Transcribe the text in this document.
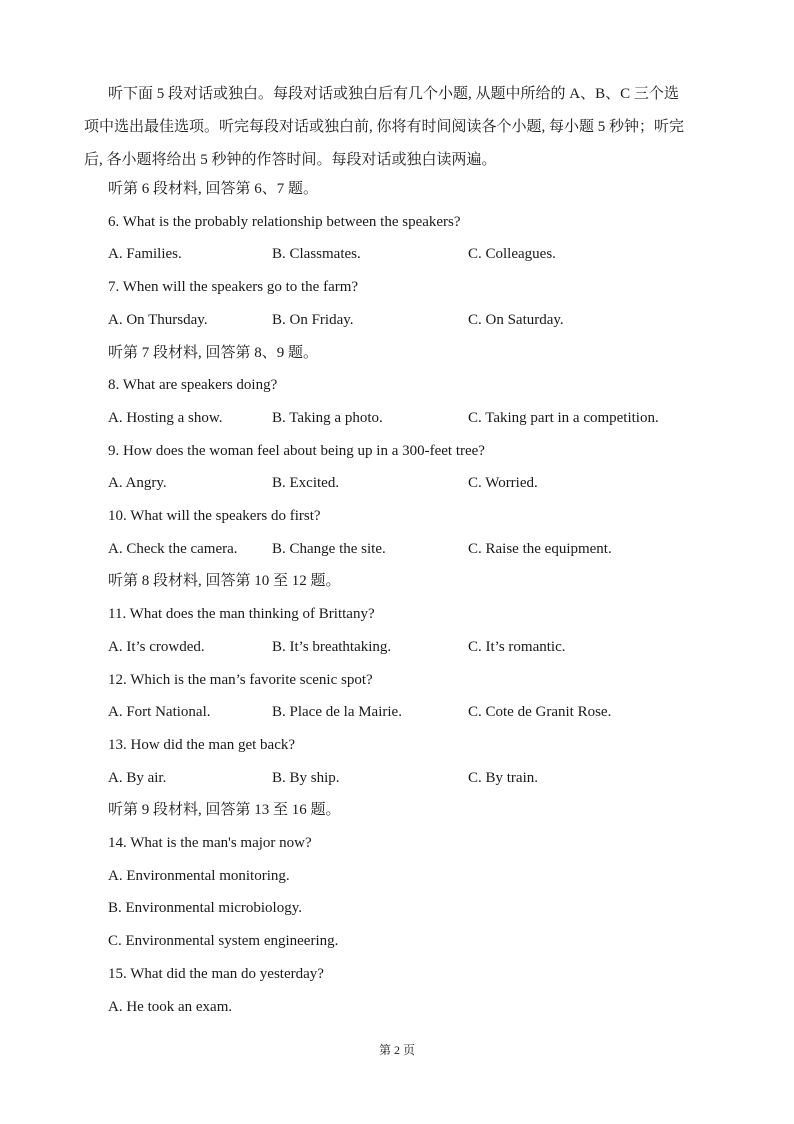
听下面 5 段对话或独白。每段对话或独白后有几个小题, 从题中所给的 A、B、C 三个选
项中选出最佳选项。听完每段对话或独白前, 你将有时间阅读各个小题, 每小题 5 秒钟；听完
后, 各小题将给出 5 秒钟的作答时间。每段对话或独白读两遍。
听第 6 段材料, 回答第 6、7 题。
6. What is the probably relationship between the speakers?
A. Families.	B. Classmates.	C. Colleagues.
7. When will the speakers go to the farm?
A. On Thursday.	B. On Friday.	C. On Saturday.
听第 7 段材料, 回答第 8、9 题。
8. What are speakers doing?
A. Hosting a show.	B. Taking a photo.	C. Taking part in a competition.
9. How does the woman feel about being up in a 300-feet tree?
A. Angry.	B. Excited.	C. Worried.
10. What will the speakers do first?
A. Check the camera. B. Change the site.	C. Raise the equipment.
听第 8 段材料, 回答第 10 至 12 题。
11. What does the man thinking of Brittany?
A. It’s crowded.	B. It’s breathtaking.	C. It’s romantic.
12. Which is the man’s favorite scenic spot?
A. Fort National.	B. Place de la Mairie.	C. Cote de Granit Rose.
13. How did the man get back?
A. By air.	B. By ship.	C. By train.
听第 9 段材料, 回答第 13 至 16 题。
14. What is the man's major now?
A. Environmental monitoring.
B. Environmental microbiology.
C. Environmental system engineering.
15. What did the man do yesterday?
A. He took an exam.
第 2 页
